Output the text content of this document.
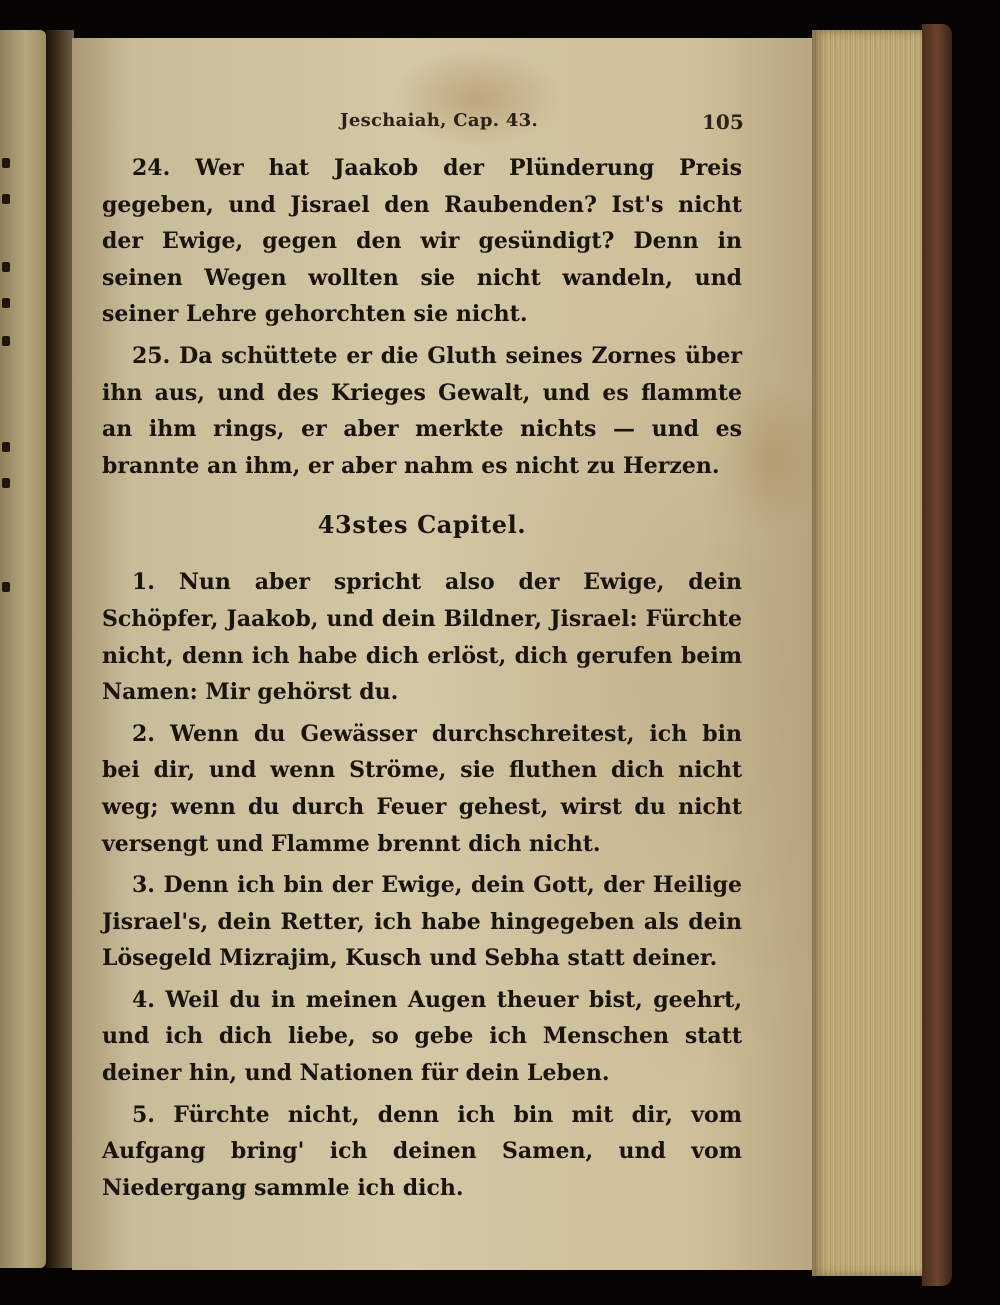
Jeschaiah, Cap. 43.	105

24. Wer hat Jaakob der Plünderung Preis gegeben, und Jisrael den Raubenden? Ist's nicht der Ewige, gegen den wir gesündigt? Denn in seinen Wegen wollten sie nicht wandeln, und seiner Lehre gehorchten sie nicht.

25. Da schüttete er die Gluth seines Zornes über ihn aus, und des Krieges Gewalt, und es flammte an ihm rings, er aber merkte nichts — und es brannte an ihm, er aber nahm es nicht zu Herzen.

43stes Capitel.

1. Nun aber spricht also der Ewige, dein Schöpfer, Jaakob, und dein Bildner, Jisrael: Fürchte nicht, denn ich habe dich erlöst, dich gerufen beim Namen: Mir gehörst du.

2. Wenn du Gewässer durchschreitest, ich bin bei dir, und wenn Ströme, sie fluthen dich nicht weg; wenn du durch Feuer gehest, wirst du nicht versengt und Flamme brennt dich nicht.

3. Denn ich bin der Ewige, dein Gott, der Heilige Jisrael's, dein Retter, ich habe hingegeben als dein Lösegeld Mizrajim, Kusch und Sebha statt deiner.

4. Weil du in meinen Augen theuer bist, geehrt, und ich dich liebe, so gebe ich Menschen statt deiner hin, und Nationen für dein Leben.

5. Fürchte nicht, denn ich bin mit dir, vom Aufgang bring' ich deinen Samen, und vom Niedergang sammle ich dich.
